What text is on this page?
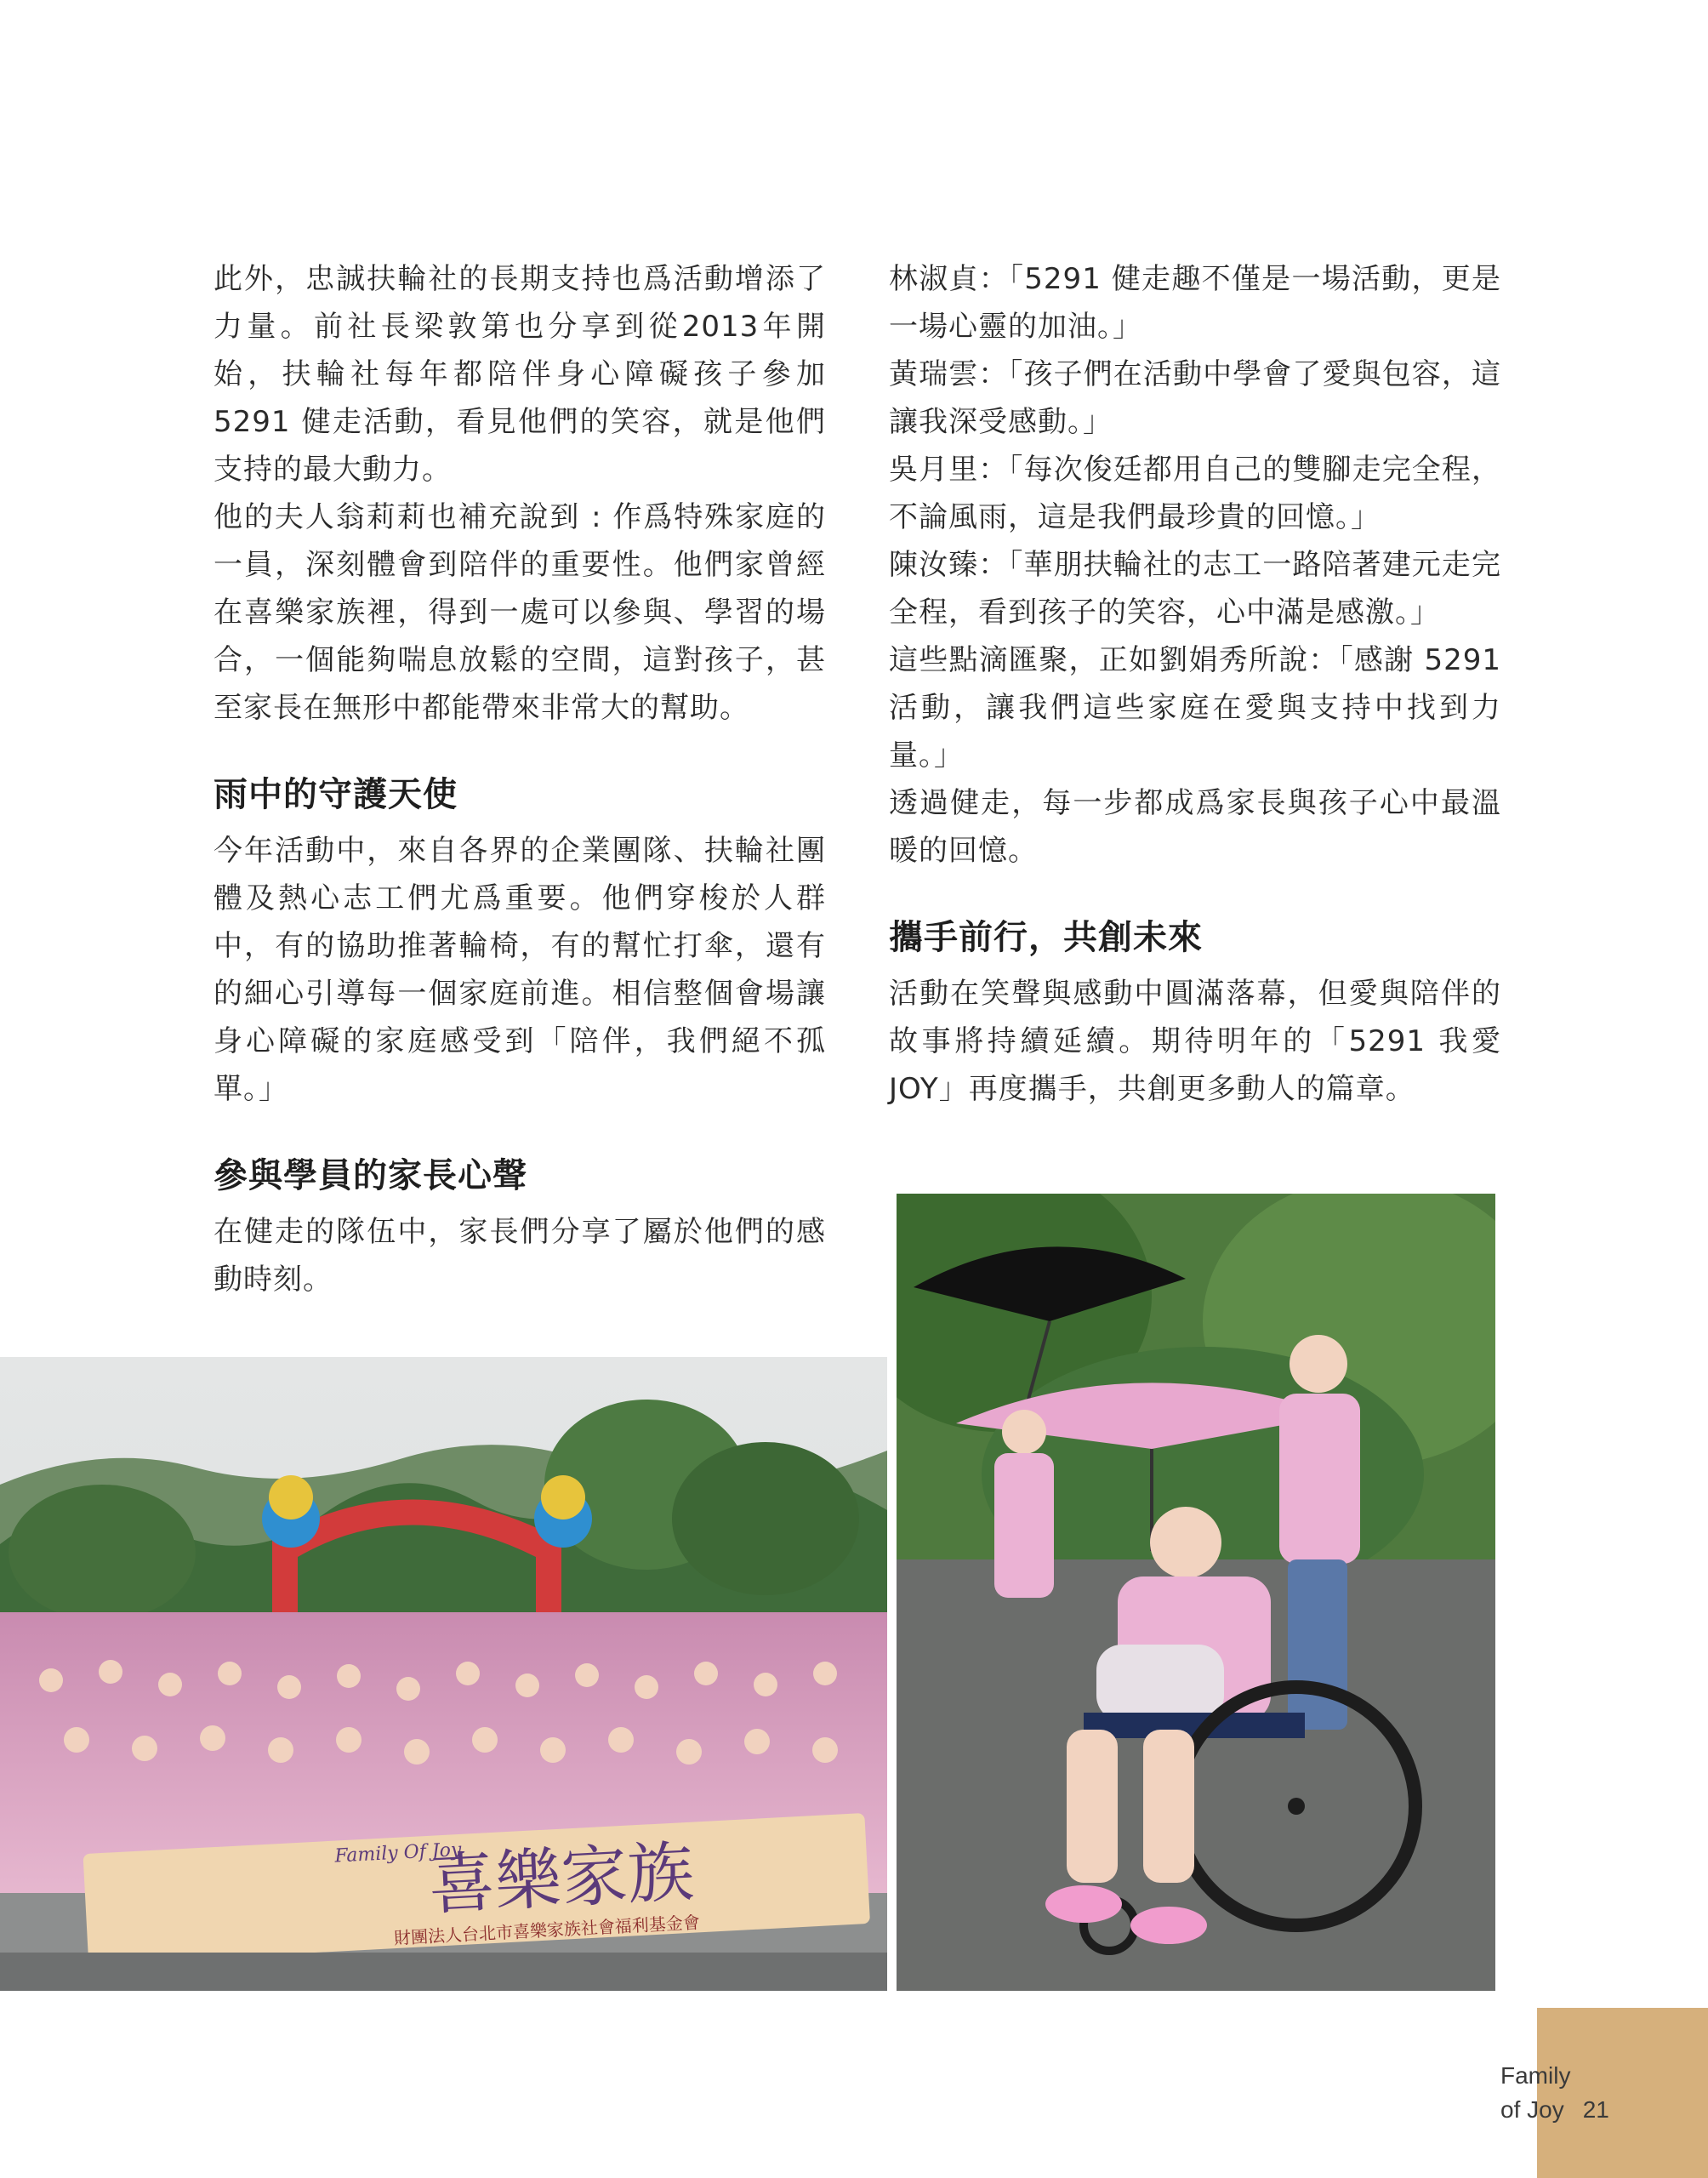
此外，忠誠扶輪社的長期支持也爲活動增添了力量。前社長梁敦第也分享到從2013年開始，扶輪社每年都陪伴身心障礙孩子參加 5291 健走活動，看見他們的笑容，就是他們支持的最大動力。

他的夫人翁莉莉也補充說到 : 作爲特殊家庭的一員，深刻體會到陪伴的重要性。他們家曾經在喜樂家族裡，得到一處可以參與、學習的場合，一個能夠喘息放鬆的空間，這對孩子，甚至家長在無形中都能帶來非常大的幫助。

雨中的守護天使

今年活動中，來自各界的企業團隊、扶輪社團體及熱心志工們尤爲重要。他們穿梭於人群中，有的協助推著輪椅，有的幫忙打傘，還有的細心引導每一個家庭前進。相信整個會場讓身心障礙的家庭感受到「陪伴，我們絕不孤單。」

參與學員的家長心聲

在健走的隊伍中，家長們分享了屬於他們的感動時刻。

林淑貞：「5291 健走趣不僅是一場活動，更是一場心靈的加油。」

黃瑞雲：「孩子們在活動中學會了愛與包容，這讓我深受感動。」

吳月里：「每次俊廷都用自己的雙腳走完全程，不論風雨，這是我們最珍貴的回憶。」

陳汝臻：「華朋扶輪社的志工一路陪著建元走完全程，看到孩子的笑容，心中滿是感激。」

這些點滴匯聚，正如劉娟秀所說：「感謝 5291 活動，讓我們這些家庭在愛與支持中找到力量。」

透過健走，每一步都成爲家長與孩子心中最溫暖的回憶。

攜手前行，共創未來

活動在笑聲與感動中圓滿落幕，但愛與陪伴的故事將持續延續。期待明年的「5291 我愛 JOY」再度攜手，共創更多動人的篇章。

喜樂家族
Family Of Joy
財團法人台北市喜樂家族社會福利基金會
Family
of Joy 21
